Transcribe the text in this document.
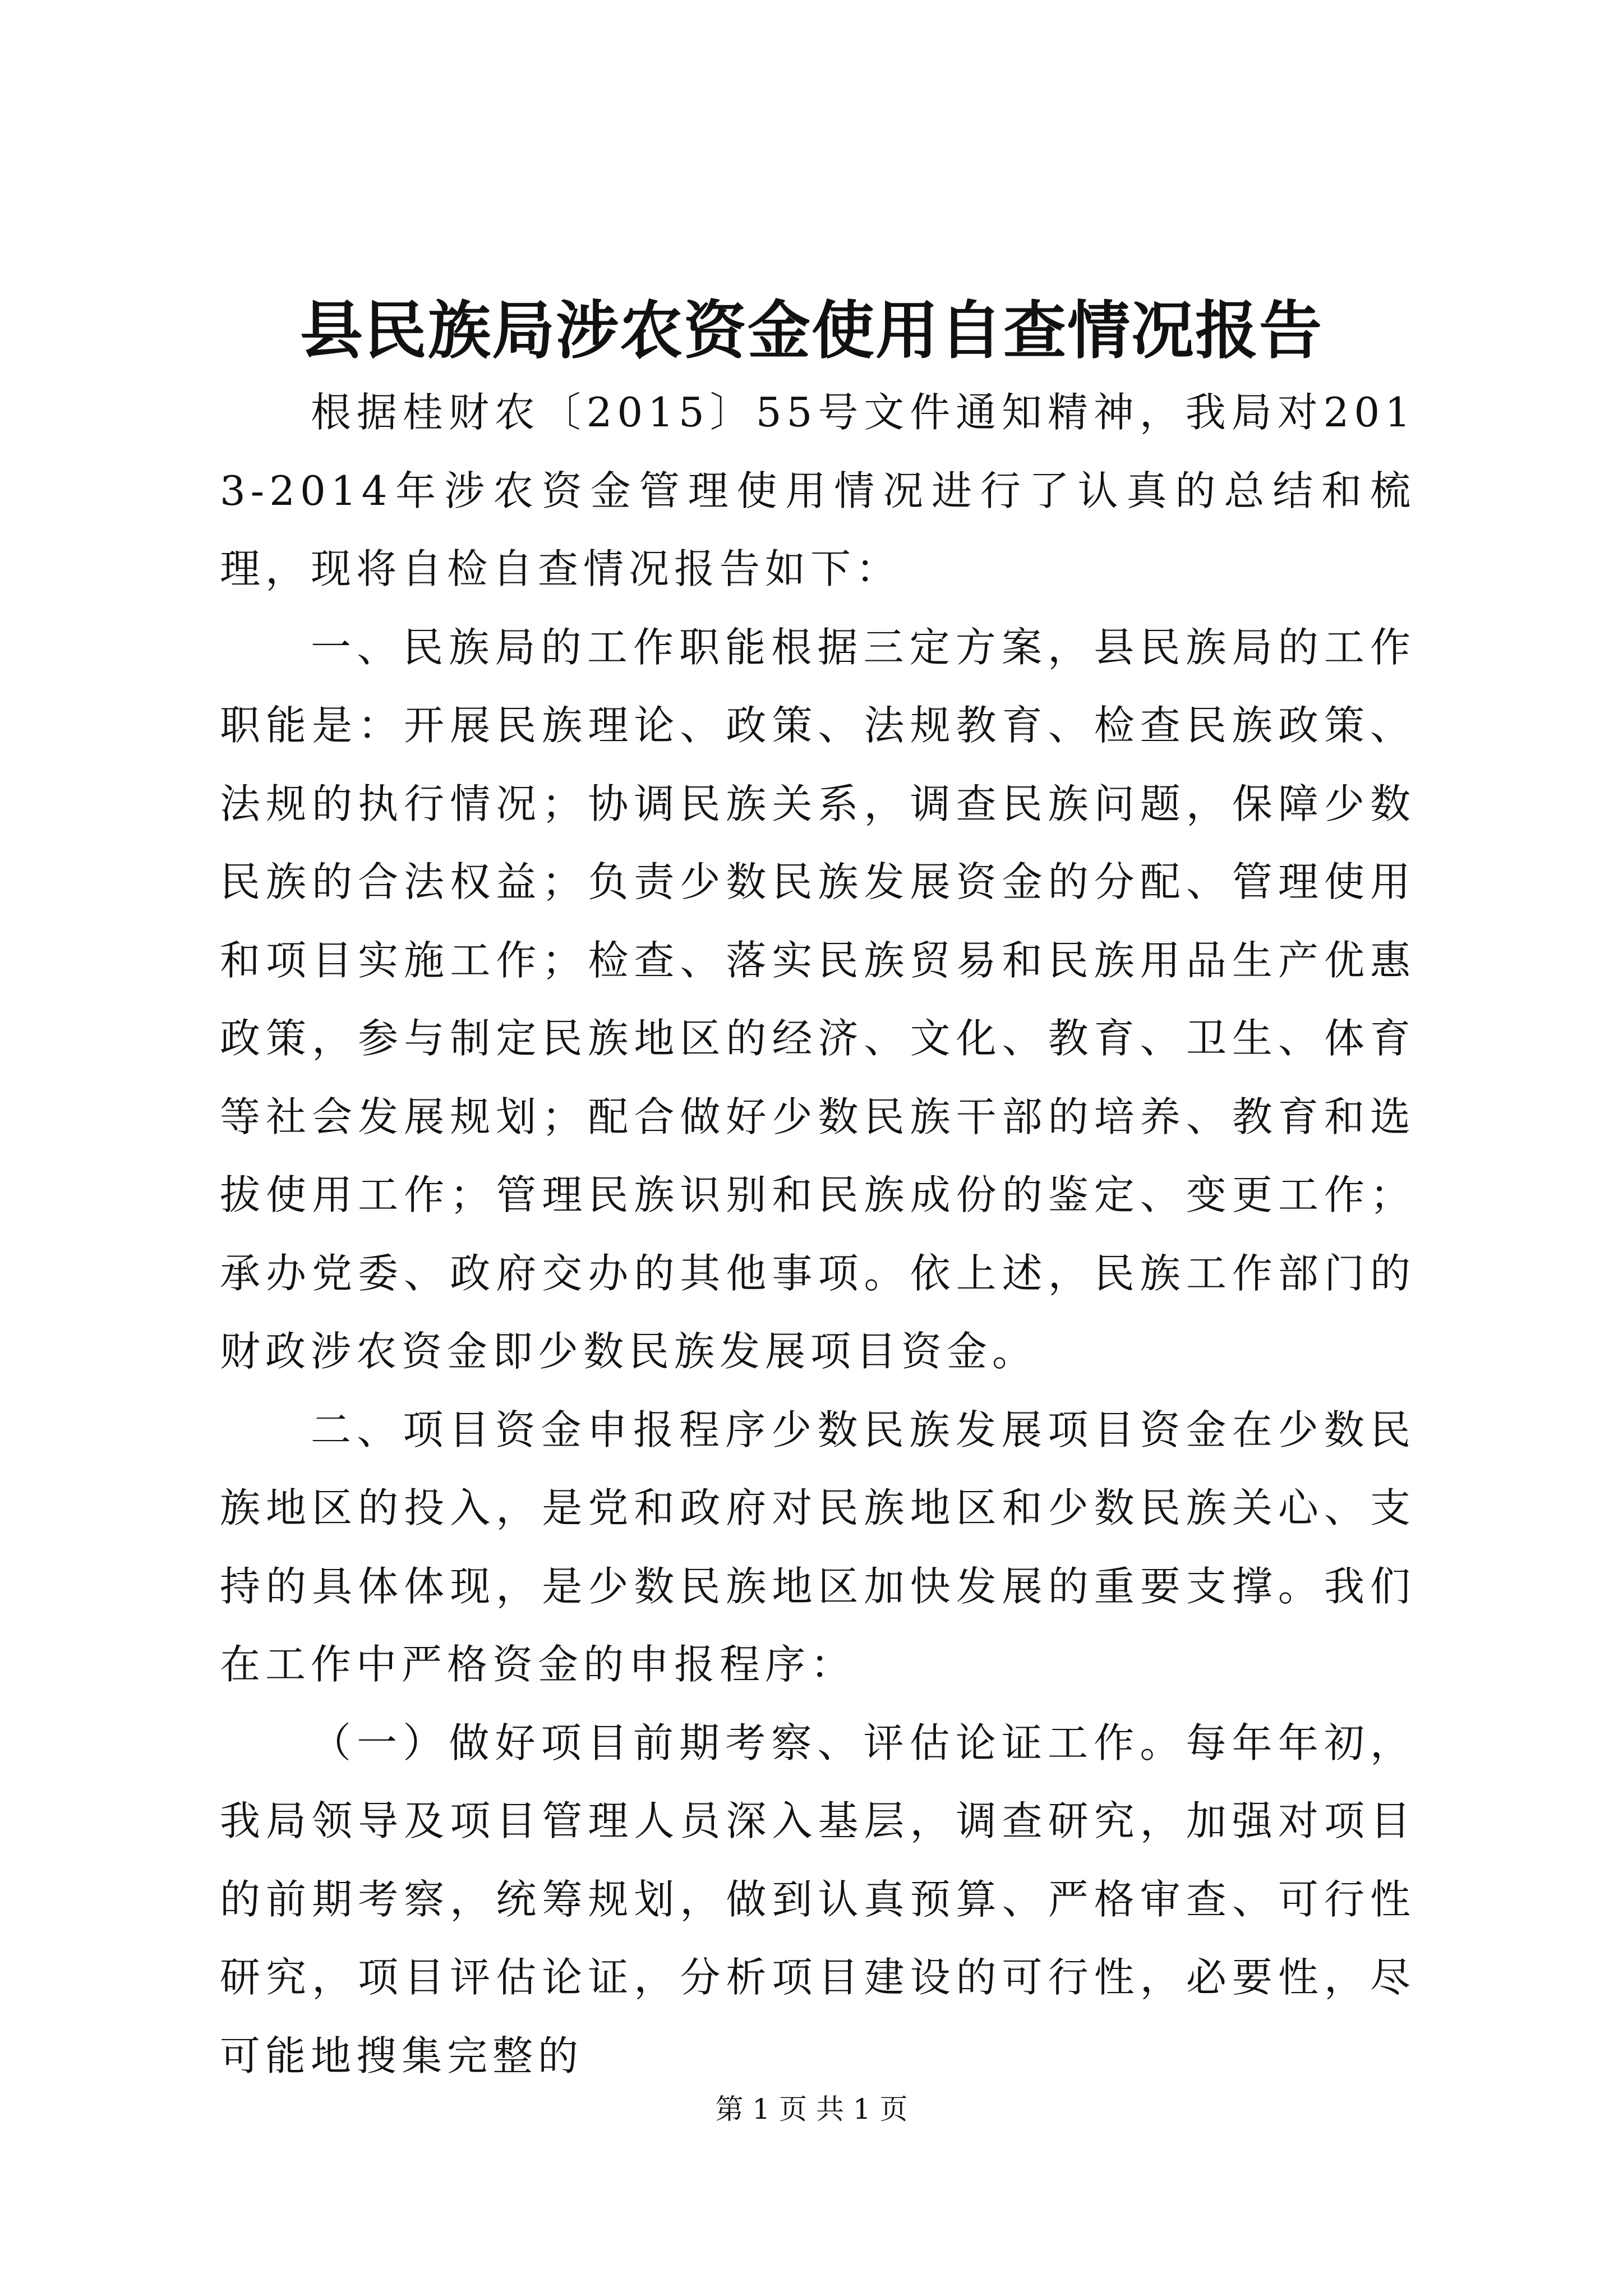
县民族局涉农资金使用自查情况报告

根据桂财农〔2015〕55号文件通知精神，我局对2013-2014年涉农资金管理使用情况进行了认真的总结和梳理，现将自检自查情况报告如下：

一、民族局的工作职能根据三定方案，县民族局的工作职能是：开展民族理论、政策、法规教育、检查民族政策、法规的执行情况；协调民族关系，调查民族问题，保障少数民族的合法权益；负责少数民族发展资金的分配、管理使用和项目实施工作；检查、落实民族贸易和民族用品生产优惠政策，参与制定民族地区的经济、文化、教育、卫生、体育等社会发展规划；配合做好少数民族干部的培养、教育和选拔使用工作；管理民族识别和民族成份的鉴定、变更工作；承办党委、政府交办的其他事项。依上述，民族工作部门的财政涉农资金即少数民族发展项目资金。

二、项目资金申报程序少数民族发展项目资金在少数民族地区的投入，是党和政府对民族地区和少数民族关心、支持的具体体现，是少数民族地区加快发展的重要支撑。我们在工作中严格资金的申报程序：

（一）做好项目前期考察、评估论证工作。每年年初，我局领导及项目管理人员深入基层，调查研究，加强对项目的前期考察，统筹规划，做到认真预算、严格审查、可行性研究，项目评估论证，分析项目建设的可行性，必要性，尽可能地搜集完整的

第 1 页 共 1 页
